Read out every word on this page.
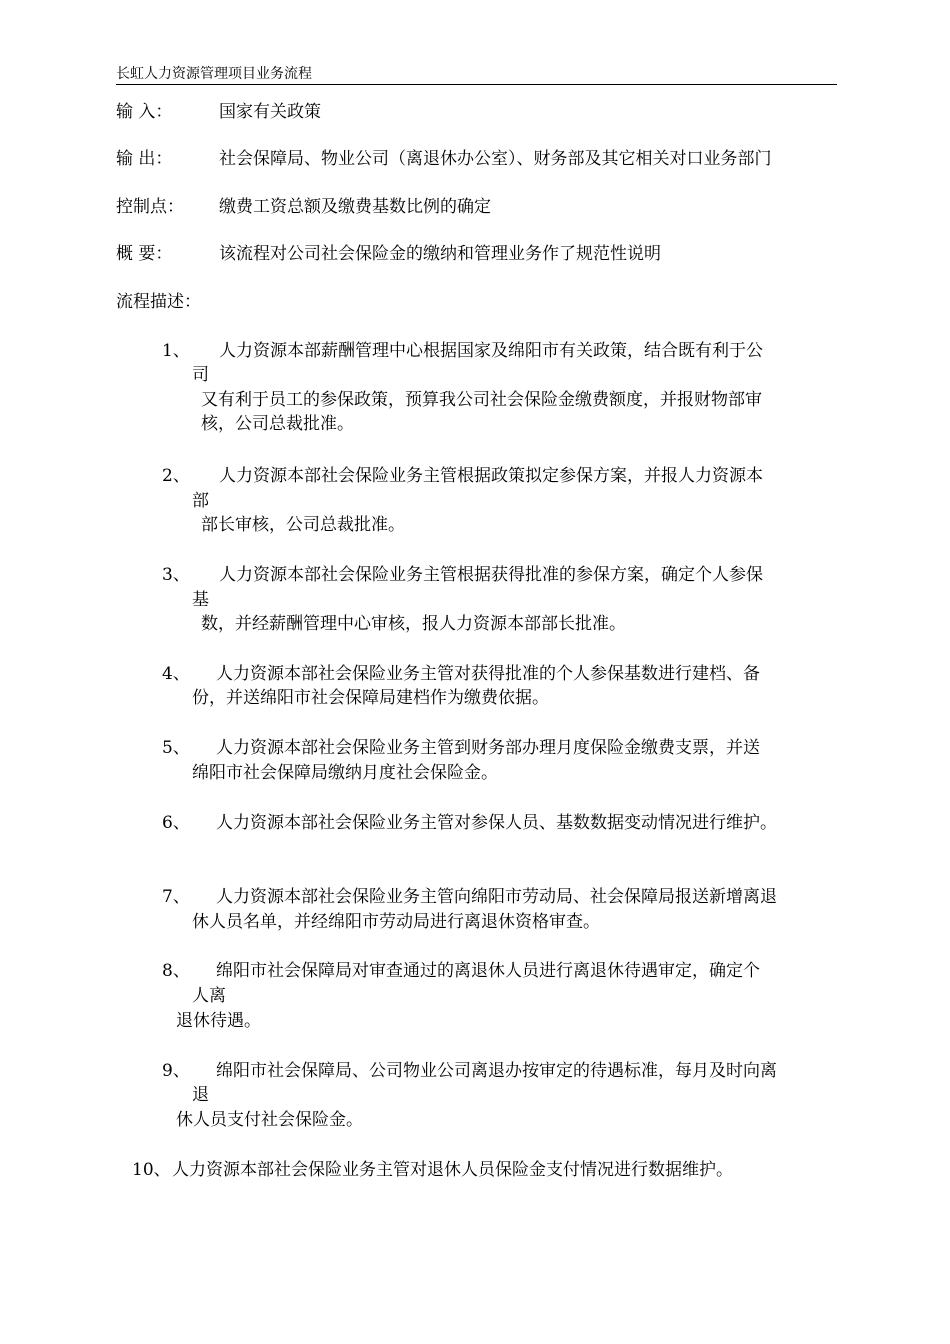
长虹人力资源管理项目业务流程
输 入：	国家有关政策
输 出：	社会保障局、物业公司（离退休办公室）、财务部及其它相关对口业务部门
控制点： 缴费工资总额及缴费基数比例的确定
概 要：	该流程对公司社会保险金的缴纳和管理业务作了规范性说明
流程描述：
1、 人力资源本部薪酬管理中心根据国家及绵阳市有关政策，结合既有利于公
司
又有利于员工的参保政策，预算我公司社会保险金缴费额度，并报财物部审
核，公司总裁批准。
2、 人力资源本部社会保险业务主管根据政策拟定参保方案，并报人力资源本
部
部长审核，公司总裁批准。
3、 人力资源本部社会保险业务主管根据获得批准的参保方案，确定个人参保
基
数，并经薪酬管理中心审核，报人力资源本部部长批准。
4、 人力资源本部社会保险业务主管对获得批准的个人参保基数进行建档、备
份，并送绵阳市社会保障局建档作为缴费依据。
5、 人力资源本部社会保险业务主管到财务部办理月度保险金缴费支票，并送
绵阳市社会保障局缴纳月度社会保险金。
6、 人力资源本部社会保险业务主管对参保人员、基数数据变动情况进行维护。
7、 人力资源本部社会保险业务主管向绵阳市劳动局、社会保障局报送新增离退
休人员名单，并经绵阳市劳动局进行离退休资格审查。
8、 绵阳市社会保障局对审查通过的离退休人员进行离退休待遇审定，确定个
人离
退休待遇。
9、 绵阳市社会保障局、公司物业公司离退办按审定的待遇标准，每月及时向离
退
休人员支付社会保险金。
10、 人力资源本部社会保险业务主管对退休人员保险金支付情况进行数据维护。
